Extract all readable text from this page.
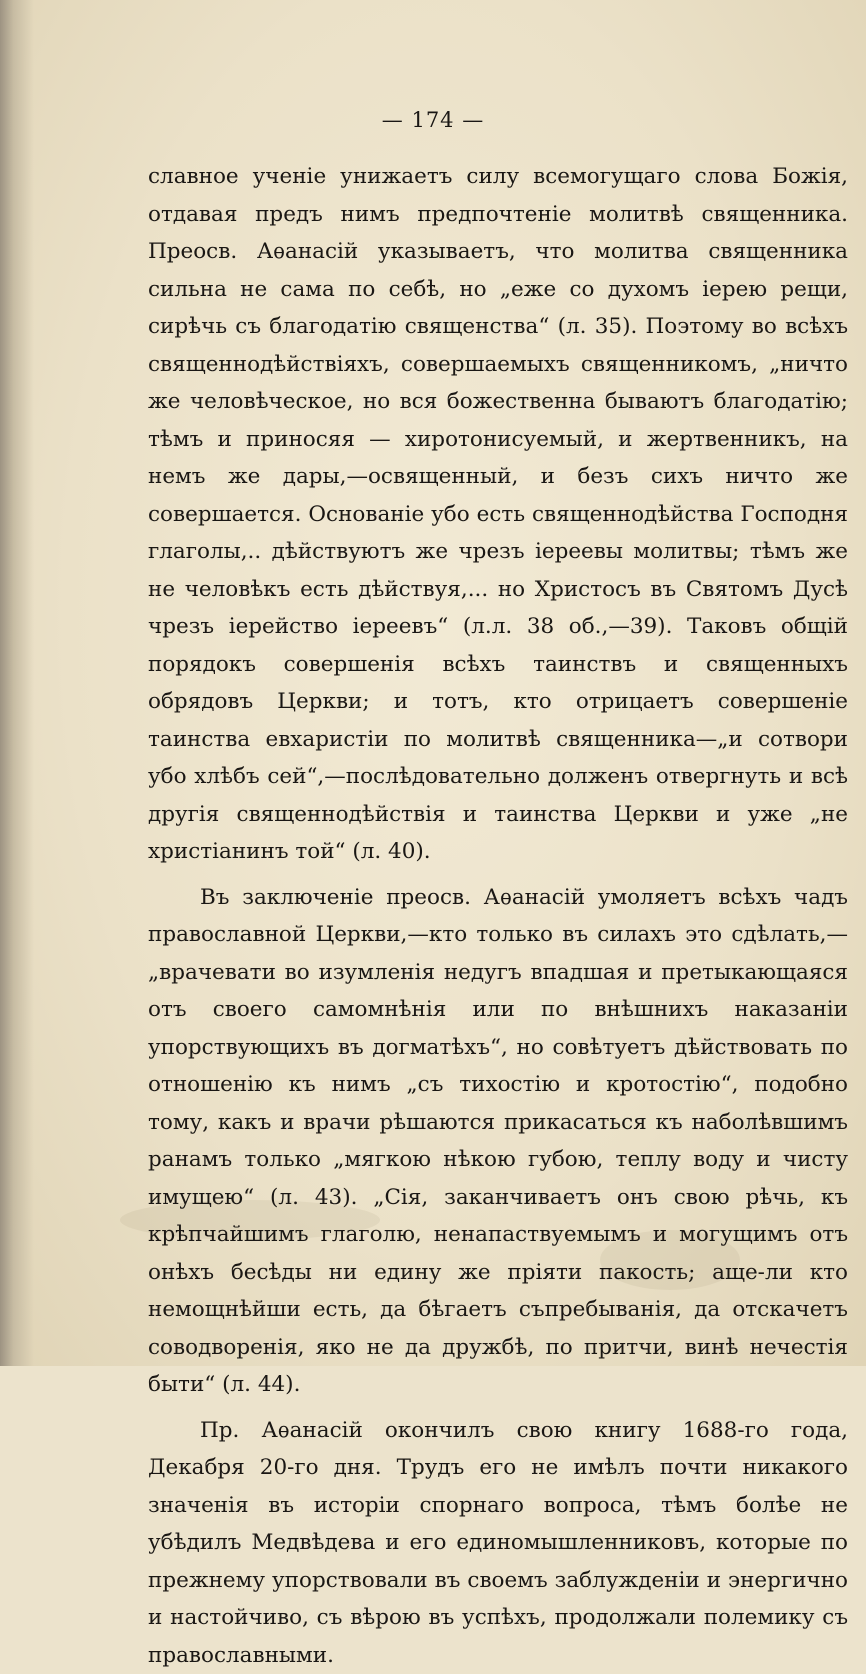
— 174 —

славное ученіе унижаетъ силу всемогущаго слова Божія, отдавая предъ нимъ предпочтеніе молитвѣ священника. Преосв. Аѳанасій указываетъ, что молитва священника сильна не сама по себѣ, но „еже со духомъ іерею рещи, сирѣчь съ благодатію священства“ (л. 35). Поэтому во всѣхъ священнодѣйствіяхъ, совершаемыхъ священникомъ, „ничто же человѣческое, но вся божественна бываютъ благодатію; тѣмъ и приносяя — хиротонисуемый, и жертвенникъ, на немъ же дары,—освященный, и безъ сихъ ничто же совершается. Основаніе убо есть священнодѣйства Господня глаголы,.. дѣйствуютъ же чрезъ іереевы молитвы; тѣмъ же не человѣкъ есть дѣйствуя,... но Христосъ въ Святомъ Дусѣ чрезъ іерейство іереевъ“ (л.л. 38 об.,—39). Таковъ общій порядокъ совершенія всѣхъ таинствъ и священныхъ обрядовъ Церкви; и тотъ, кто отрицаетъ совершеніе таинства евхаристіи по молитвѣ священника—„и сотвори убо хлѣбъ сей“,—послѣдовательно долженъ отвергнуть и всѣ другія священнодѣйствія и таинства Церкви и уже „не христіанинъ той“ (л. 40).

Въ заключеніе преосв. Аѳанасій умоляетъ всѣхъ чадъ православной Церкви,—кто только въ силахъ это сдѣлать,—„врачевати во изумленія недугъ впадшая и претыкающаяся отъ своего самомнѣнія или по внѣшнихъ наказаніи упорствующихъ въ догматѣхъ“, но совѣтуетъ дѣйствовать по отношенію къ нимъ „съ тихостію и кротостію“, подобно тому, какъ и врачи рѣшаются прикасаться къ наболѣвшимъ ранамъ только „мягкою нѣкою губою, теплу воду и чисту имущею“ (л. 43). „Сія, заканчиваетъ онъ свою рѣчь, къ крѣпчайшимъ глаголю, ненапаствуемымъ и могущимъ отъ онѣхъ бесѣды ни едину же пріяти пакость; аще-ли кто немощнѣйши есть, да бѣгаетъ съпребыванія, да отскачетъ соводворенія, яко не да дружбѣ, по притчи, винѣ нечестія быти“ (л. 44).

Пр. Аѳанасій окончилъ свою книгу 1688-го года, Декабря 20-го дня. Трудъ его не имѣлъ почти никакого значенія въ исторіи спорнаго вопроса, тѣмъ болѣе не убѣдилъ Медвѣдева и его единомышленниковъ, которые по прежнему упорствовали въ своемъ заблужденіи и энергично и настойчиво, съ вѣрою въ успѣхъ, продолжали полемику съ православными.
